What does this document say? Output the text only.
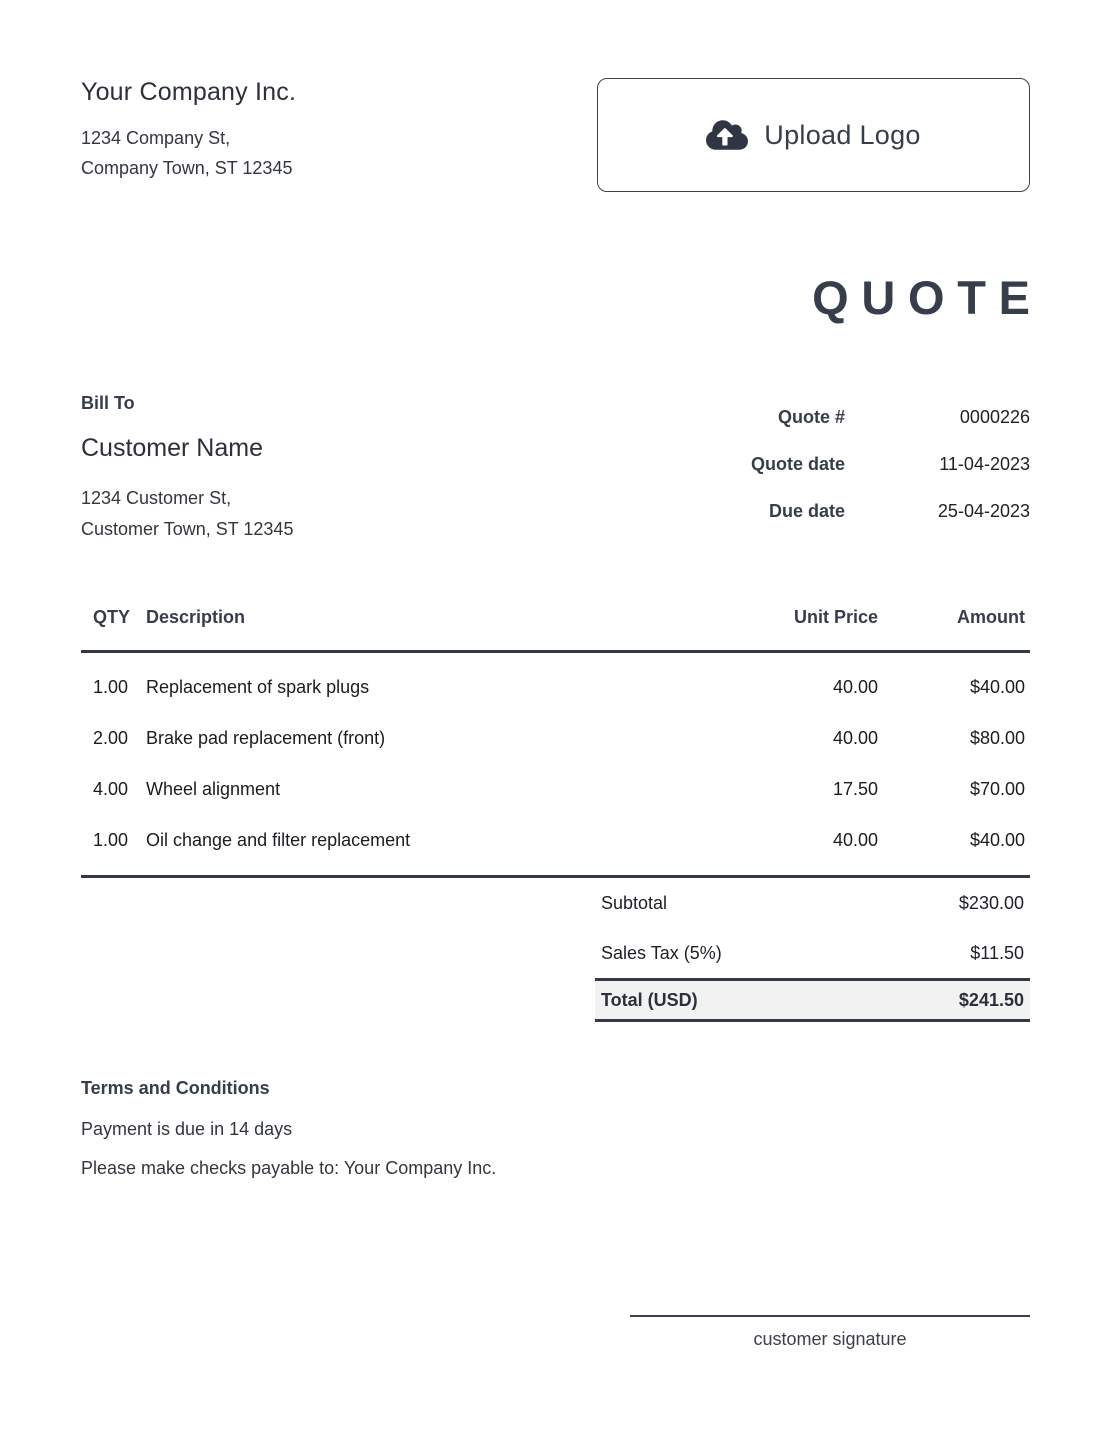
Your Company Inc.
1234 Company St,
Company Town, ST 12345
Upload Logo
QUOTE
Bill To
Customer Name
1234 Customer St,
Customer Town, ST 12345
Quote #	0000226
Quote date	11-04-2023
Due date	25-04-2023
QTY	Description	Unit Price	Amount
1.00	Replacement of spark plugs	40.00	$40.00
2.00	Brake pad replacement (front)	40.00	$80.00
4.00	Wheel alignment	17.50	$70.00
1.00	Oil change and filter replacement	40.00	$40.00
Subtotal	$230.00
Sales Tax (5%)	$11.50
Total (USD)	$241.50
Terms and Conditions
Payment is due in 14 days
Please make checks payable to: Your Company Inc.
customer signature
